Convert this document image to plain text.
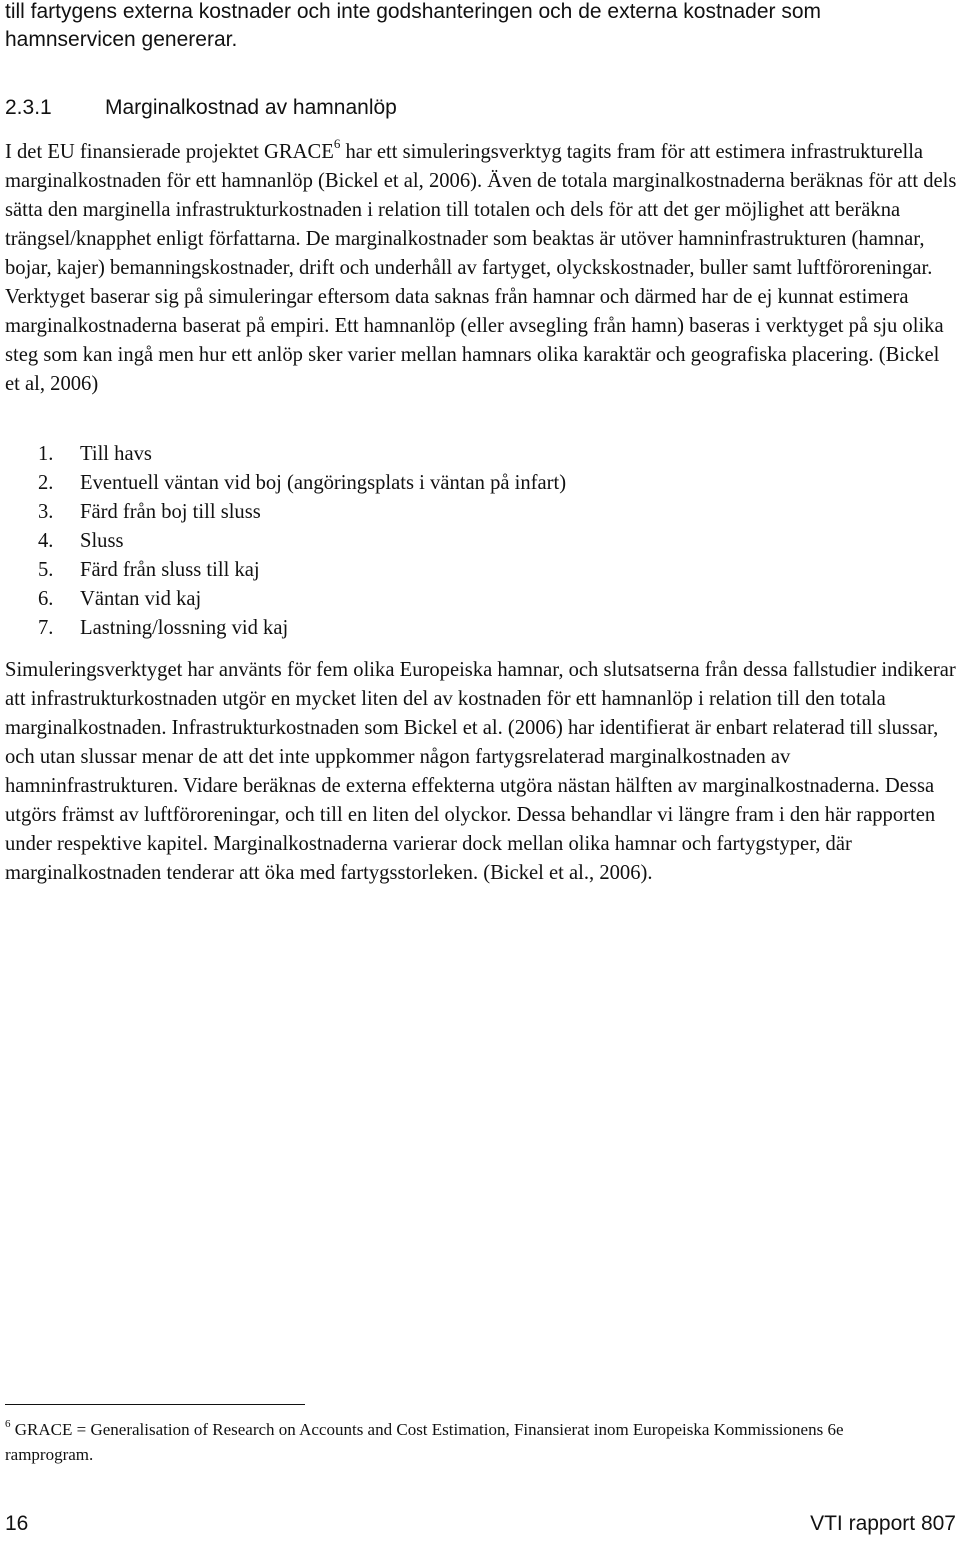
till fartygens externa kostnader och inte godshanteringen och de externa kostnader som hamnservicen genererar.

2.3.1	Marginalkostnad av hamnanlöp

I det EU finansierade projektet GRACE$^6$ har ett simuleringsverktyg tagits fram för att estimera infrastrukturella marginalkostnaden för ett hamnanlöp (Bickel et al, 2006). Även de totala marginalkostnaderna beräknas för att dels sätta den marginella infrastrukturkostnaden i relation till totalen och dels för att det ger möjlighet att beräkna trängsel/knapphet enligt författarna. De marginalkostnader som beaktas är utöver hamninfrastrukturen (hamnar, bojar, kajer) bemanningskostnader, drift och underhåll av fartyget, olyckskostnader, buller samt luftföroreningar. Verktyget baserar sig på simuleringar eftersom data saknas från hamnar och därmed har de ej kunnat estimera marginalkostnaderna baserat på empiri. Ett hamnanlöp (eller avsegling från hamn) baseras i verktyget på sju olika steg som kan ingå men hur ett anlöp sker varier mellan hamnars olika karaktär och geografiska placering. (Bickel et al, 2006)

1.	Till havs
2.	Eventuell väntan vid boj (angöringsplats i väntan på infart)
3.	Färd från boj till sluss
4.	Sluss
5.	Färd från sluss till kaj
6.	Väntan vid kaj
7.	Lastning/lossning vid kaj

Simuleringsverktyget har använts för fem olika Europeiska hamnar, och slutsatserna från dessa fallstudier indikerar att infrastrukturkostnaden utgör en mycket liten del av kostnaden för ett hamnanlöp i relation till den totala marginalkostnaden. Infrastrukturkostnaden som Bickel et al. (2006) har identifierat är enbart relaterad till slussar, och utan slussar menar de att det inte uppkommer någon fartygsrelaterad marginalkostnaden av hamninfrastrukturen. Vidare beräknas de externa effekterna utgöra nästan hälften av marginalkostnaderna. Dessa utgörs främst av luftföroreningar, och till en liten del olyckor. Dessa behandlar vi längre fram i den här rapporten under respektive kapitel. Marginalkostnaderna varierar dock mellan olika hamnar och fartygstyper, där marginalkostnaden tenderar att öka med fartygsstorleken. (Bickel et al., 2006).

$^6$ GRACE = Generalisation of Research on Accounts and Cost Estimation, Finansierat inom Europeiska Kommissionens 6e ramprogram.

16	VTI rapport 807
